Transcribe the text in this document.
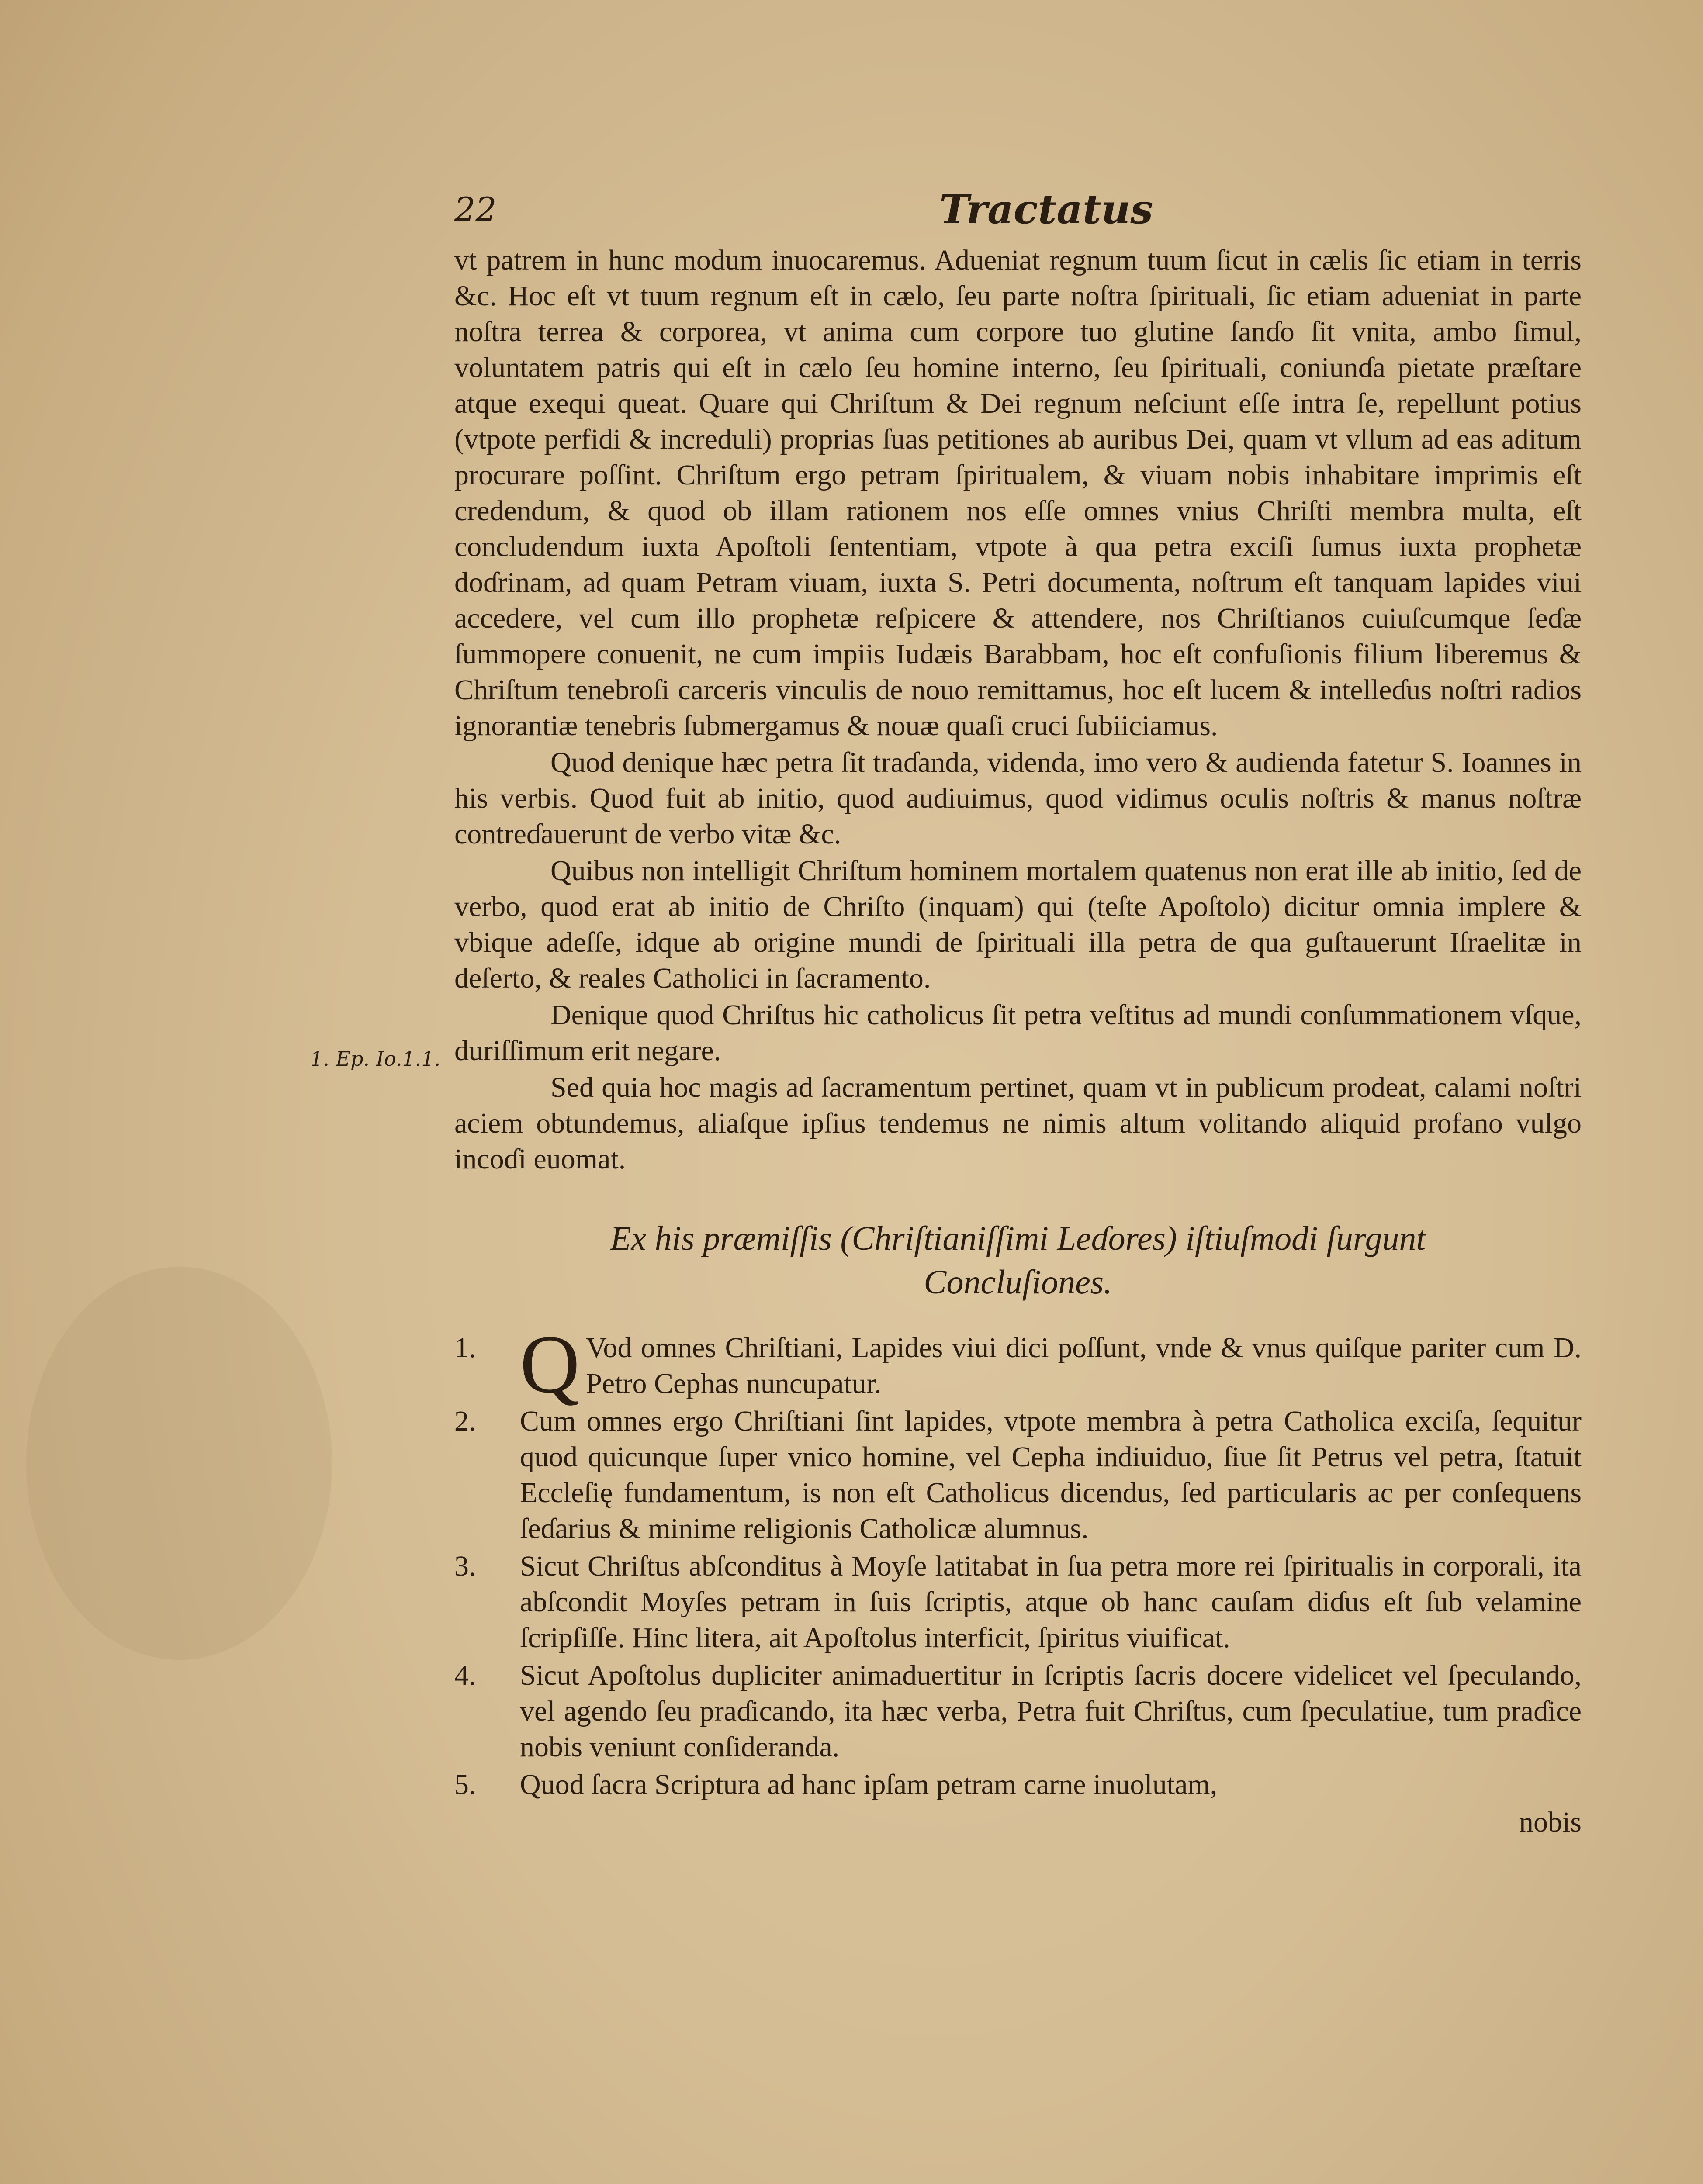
22	Tractatus
1. Ep. Io.1.1.

vt patrem in hunc modum inuocaremus. Adueniat regnum tuum ſicut in cælis ſic etiam in terris &c. Hoc eſt vt tuum regnum eſt in cælo, ſeu parte noſtra ſpirituali, ſic etiam adueniat in parte noſtra terrea & corporea, vt anima cum corpore tuo glutine ſanɗo ſit vnita, ambo ſimul, voluntatem patris qui eſt in cælo ſeu homine interno, ſeu ſpirituali, coniunɗa pietate præſtare atque exequi queat. Quare qui Chriſtum & Dei regnum neſciunt eſſe intra ſe, repellunt potius (vtpote perfidi & increduli) proprias ſuas petitiones ab auribus Dei, quam vt vllum ad eas aditum procurare poſſint. Chriſtum ergo petram ſpiritualem, & viuam nobis inhabitare imprimis eſt credendum, & quod ob illam rationem nos eſſe omnes vnius Chriſti membra multa, eſt concludendum iuxta Apoſtoli ſententiam, vtpote à qua petra exciſi ſumus iuxta prophetæ doɗrinam, ad quam Petram viuam, iuxta S. Petri documenta, noſtrum eſt tanquam lapides viui accedere, vel cum illo prophetæ reſpicere & attendere, nos Chriſtianos cuiuſcumque ſeɗæ ſummopere conuenit, ne cum impiis Iudæis Barabbam, hoc eſt confuſionis filium liberemus & Chriſtum tenebroſi carceris vinculis de nouo remittamus, hoc eſt lucem & intelleɗus noſtri radios ignorantiæ tenebris ſubmergamus & nouæ quaſi cruci ſubiiciamus.

Quod denique hæc petra ſit traɗanda, videnda, imo vero & audienda fatetur S. Ioannes in his verbis. Quod fuit ab initio, quod audiuimus, quod vidimus oculis noſtris & manus noſtræ contreɗauerunt de verbo vitæ &c.

Quibus non intelligit Chriſtum hominem mortalem quatenus non erat ille ab initio, ſed de verbo, quod erat ab initio de Chriſto (inquam) qui (teſte Apoſtolo) dicitur omnia implere & vbique adeſſe, idque ab origine mundi de ſpirituali illa petra de qua guſtauerunt Iſraelitæ in deſerto, & reales Catholici in ſacramento.

Denique quod Chriſtus hic catholicus ſit petra veſtitus ad mundi conſummationem vſque, duriſſimum erit negare.

Sed quia hoc magis ad ſacramentum pertinet, quam vt in publicum prodeat, calami noſtri aciem obtundemus, aliaſque ipſius tendemus ne nimis altum volitando aliquid profano vulgo incoɗi euomat.

Ex his præmiſſis (Chriſtianiſſimi Leɗores) iſtiuſmodi ſurgunt
Concluſiones.
1. Q Vod omnes Chriſtiani, Lapides viui dici poſſunt, vnde & vnus quiſque pariter cum D. Petro Cephas nuncupatur.
2.	Cum omnes ergo Chriſtiani ſint lapides, vtpote membra à petra Catholica exciſa, ſequitur quod quicunque ſuper vnico homine, vel Cepha indiuiduo, ſiue ſit Petrus vel petra, ſtatuit Eccleſię fundamentum, is non eſt Catholicus dicendus, ſed particularis ac per conſequens ſeɗarius & minime religionis Catholicæ alumnus.
3.	Sicut Chriſtus abſconditus à Moyſe latitabat in ſua petra more rei ſpiritualis in corporali, ita abſcondit Moyſes petram in ſuis ſcriptis, atque ob hanc cauſam diɗus eſt ſub velamine ſcripſiſſe. Hinc litera, ait Apoſtolus interficit, ſpiritus viuificat.
4.	Sicut Apoſtolus dupliciter animaduertitur in ſcriptis ſacris docere videlicet vel ſpeculando, vel agendo ſeu praɗicando, ita hæc verba, Petra fuit Chriſtus, cum ſpeculatiue, tum praɗice nobis veniunt conſideranda.
5.	Quod ſacra Scriptura ad hanc ipſam petram carne inuolutam,
nobis
